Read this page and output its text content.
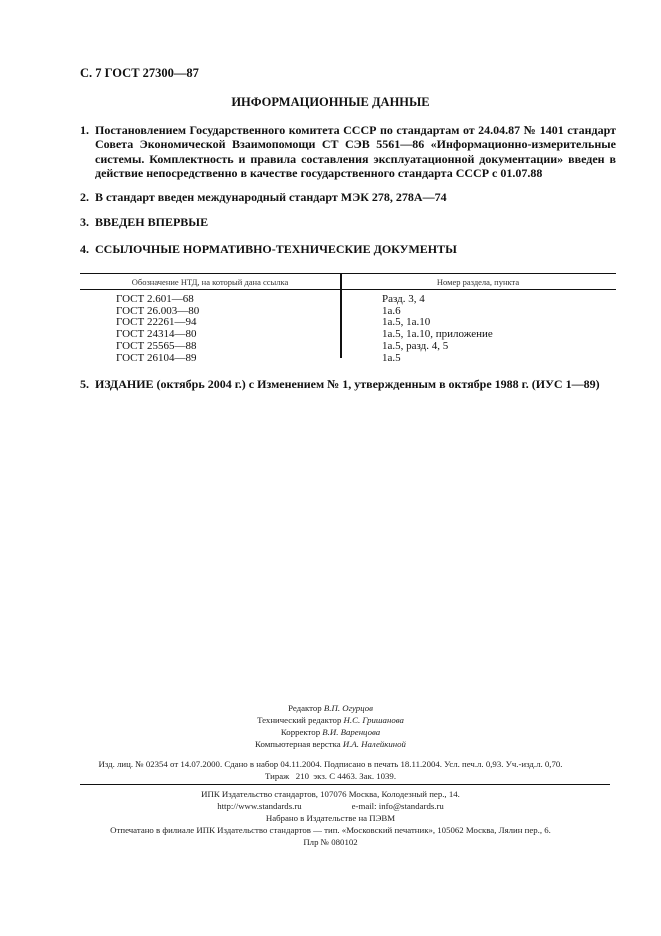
С. 7 ГОСТ 27300—87
ИНФОРМАЦИОННЫЕ ДАННЫЕ
1. Постановлением Государственного комитета СССР по стандартам от 24.04.87 № 1401 стандарт Совета Экономической Взаимопомощи СТ СЭВ 5561—86 «Информационно-измерительные системы. Комплектность и правила составления эксплуатационной документации» введен в действие непосредственно в качестве государственного стандарта СССР с 01.07.88
2. В стандарт введен международный стандарт МЭК 278, 278А—74
3. ВВЕДЕН ВПЕРВЫЕ
4. ССЫЛОЧНЫЕ НОРМАТИВНО-ТЕХНИЧЕСКИЕ ДОКУМЕНТЫ
Обозначение НТД, на который дана ссылка	Номер раздела, пункта
ГОСТ 2.601—68
ГОСТ 26.003—80
ГОСТ 22261—94
ГОСТ 24314—80
ГОСТ 25565—88
ГОСТ 26104—89
Разд. 3, 4
1а.6
1а.5, 1а.10
1а.5, 1а.10, приложение
1а.5, разд. 4, 5
1а.5
5. ИЗДАНИЕ (октябрь 2004 г.) с Изменением № 1, утвержденным в октябре 1988 г. (ИУС 1—89)
Редактор В.П. Огурцов
Технический редактор Н.С. Гришанова
Корректор В.И. Варенцова
Компьютерная верстка И.А. Налейкиной
Изд. лиц. № 02354 от 14.07.2000. Сдано в набор 04.11.2004. Подписано в печать 18.11.2004. Усл. печ.л. 0,93. Уч.-изд.л. 0,70.
Тираж   210  экз. С 4463. Зак. 1039.
ИПК Издательство стандартов, 107076 Москва, Колодезный пер., 14.
http://www.standards.ru	e-mail: info@standards.ru
Набрано в Издательстве на ПЭВМ
Отпечатано в филиале ИПК Издательство стандартов — тип. «Московский печатник», 105062 Москва, Лялин пер., 6.
Плр № 080102
